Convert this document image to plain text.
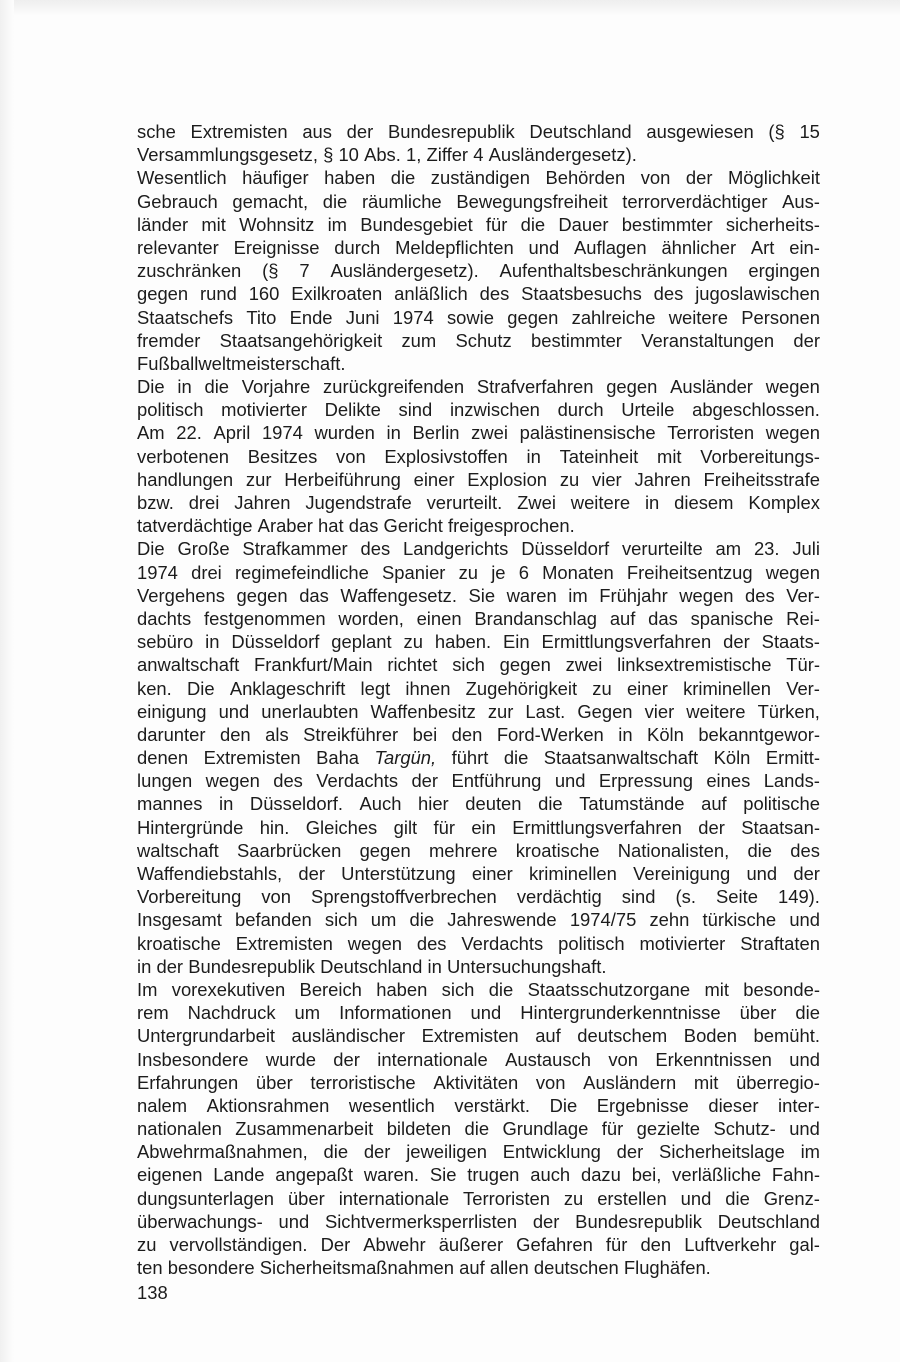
sche Extremisten aus der Bundesrepublik Deutschland ausgewiesen (§ 15
Versammlungsgesetz, § 10 Abs. 1, Ziffer 4 Ausländergesetz).
Wesentlich häufiger haben die zuständigen Behörden von der Möglichkeit
Gebrauch gemacht, die räumliche Bewegungsfreiheit terrorverdächtiger Aus-
länder mit Wohnsitz im Bundesgebiet für die Dauer bestimmter sicherheits-
relevanter Ereignisse durch Meldepflichten und Auflagen ähnlicher Art ein-
zuschränken (§ 7 Ausländergesetz). Aufenthaltsbeschränkungen ergingen
gegen rund 160 Exilkroaten anläßlich des Staatsbesuchs des jugoslawischen
Staatschefs Tito Ende Juni 1974 sowie gegen zahlreiche weitere Personen
fremder Staatsangehörigkeit zum Schutz bestimmter Veranstaltungen der
Fußballweltmeisterschaft.
Die in die Vorjahre zurückgreifenden Strafverfahren gegen Ausländer wegen
politisch motivierter Delikte sind inzwischen durch Urteile abgeschlossen.
Am 22. April 1974 wurden in Berlin zwei palästinensische Terroristen wegen
verbotenen Besitzes von Explosivstoffen in Tateinheit mit Vorbereitungs-
handlungen zur Herbeiführung einer Explosion zu vier Jahren Freiheitsstrafe
bzw. drei Jahren Jugendstrafe verurteilt. Zwei weitere in diesem Komplex
tatverdächtige Araber hat das Gericht freigesprochen.
Die Große Strafkammer des Landgerichts Düsseldorf verurteilte am 23. Juli
1974 drei regimefeindliche Spanier zu je 6 Monaten Freiheitsentzug wegen
Vergehens gegen das Waffengesetz. Sie waren im Frühjahr wegen des Ver-
dachts festgenommen worden, einen Brandanschlag auf das spanische Rei-
sebüro in Düsseldorf geplant zu haben. Ein Ermittlungsverfahren der Staats-
anwaltschaft Frankfurt/Main richtet sich gegen zwei linksextremistische Tür-
ken. Die Anklageschrift legt ihnen Zugehörigkeit zu einer kriminellen Ver-
einigung und unerlaubten Waffenbesitz zur Last. Gegen vier weitere Türken,
darunter den als Streikführer bei den Ford-Werken in Köln bekanntgewor-
denen Extremisten Baha Targün, führt die Staatsanwaltschaft Köln Ermitt-
lungen wegen des Verdachts der Entführung und Erpressung eines Lands-
mannes in Düsseldorf. Auch hier deuten die Tatumstände auf politische
Hintergründe hin. Gleiches gilt für ein Ermittlungsverfahren der Staatsan-
waltschaft Saarbrücken gegen mehrere kroatische Nationalisten, die des
Waffendiebstahls, der Unterstützung einer kriminellen Vereinigung und der
Vorbereitung von Sprengstoffverbrechen verdächtig sind (s. Seite 149).
Insgesamt befanden sich um die Jahreswende 1974/75 zehn türkische und
kroatische Extremisten wegen des Verdachts politisch motivierter Straftaten
in der Bundesrepublik Deutschland in Untersuchungshaft.
Im vorexekutiven Bereich haben sich die Staatsschutzorgane mit besonde-
rem Nachdruck um Informationen und Hintergrunderkenntnisse über die
Untergrundarbeit ausländischer Extremisten auf deutschem Boden bemüht.
Insbesondere wurde der internationale Austausch von Erkenntnissen und
Erfahrungen über terroristische Aktivitäten von Ausländern mit überregio-
nalem Aktionsrahmen wesentlich verstärkt. Die Ergebnisse dieser inter-
nationalen Zusammenarbeit bildeten die Grundlage für gezielte Schutz- und
Abwehrmaßnahmen, die der jeweiligen Entwicklung der Sicherheitslage im
eigenen Lande angepaßt waren. Sie trugen auch dazu bei, verläßliche Fahn-
dungsunterlagen über internationale Terroristen zu erstellen und die Grenz-
überwachungs- und Sichtvermerksperrlisten der Bundesrepublik Deutschland
zu vervollständigen. Der Abwehr äußerer Gefahren für den Luftverkehr gal-
ten besondere Sicherheitsmaßnahmen auf allen deutschen Flughäfen.
138
